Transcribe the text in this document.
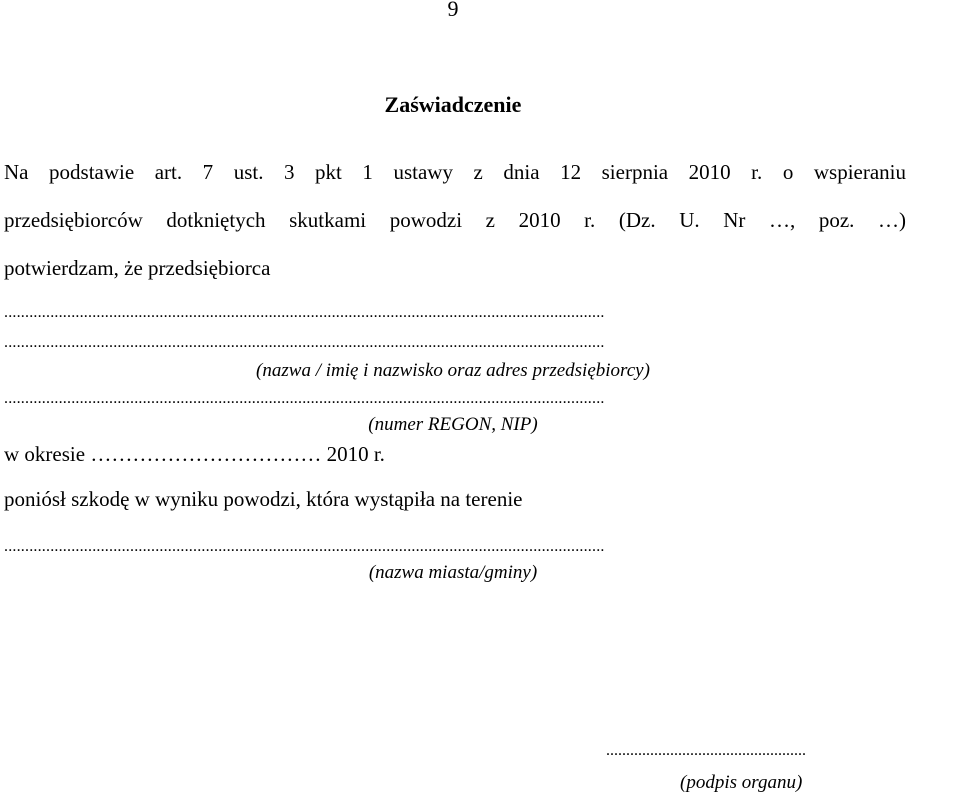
9
Zaświadczenie
Na podstawie art. 7 ust. 3 pkt 1 ustawy z dnia 12 sierpnia 2010 r. o wspieraniu
przedsiębiorców dotkniętych skutkami powodzi z 2010 r. (Dz. U. Nr …, poz. …)
potwierdzam, że przedsiębiorca
...............................................................................................................................................
...............................................................................................................................................
(nazwa / imię i nazwisko oraz adres przedsiębiorcy)
...............................................................................................................................................
(numer REGON, NIP)
w okresie …………………………… 2010 r.
poniósł szkodę w wyniku powodzi, która wystąpiła na terenie
...............................................................................................................................................
(nazwa miasta/gminy)
..................................................
(podpis organu)
